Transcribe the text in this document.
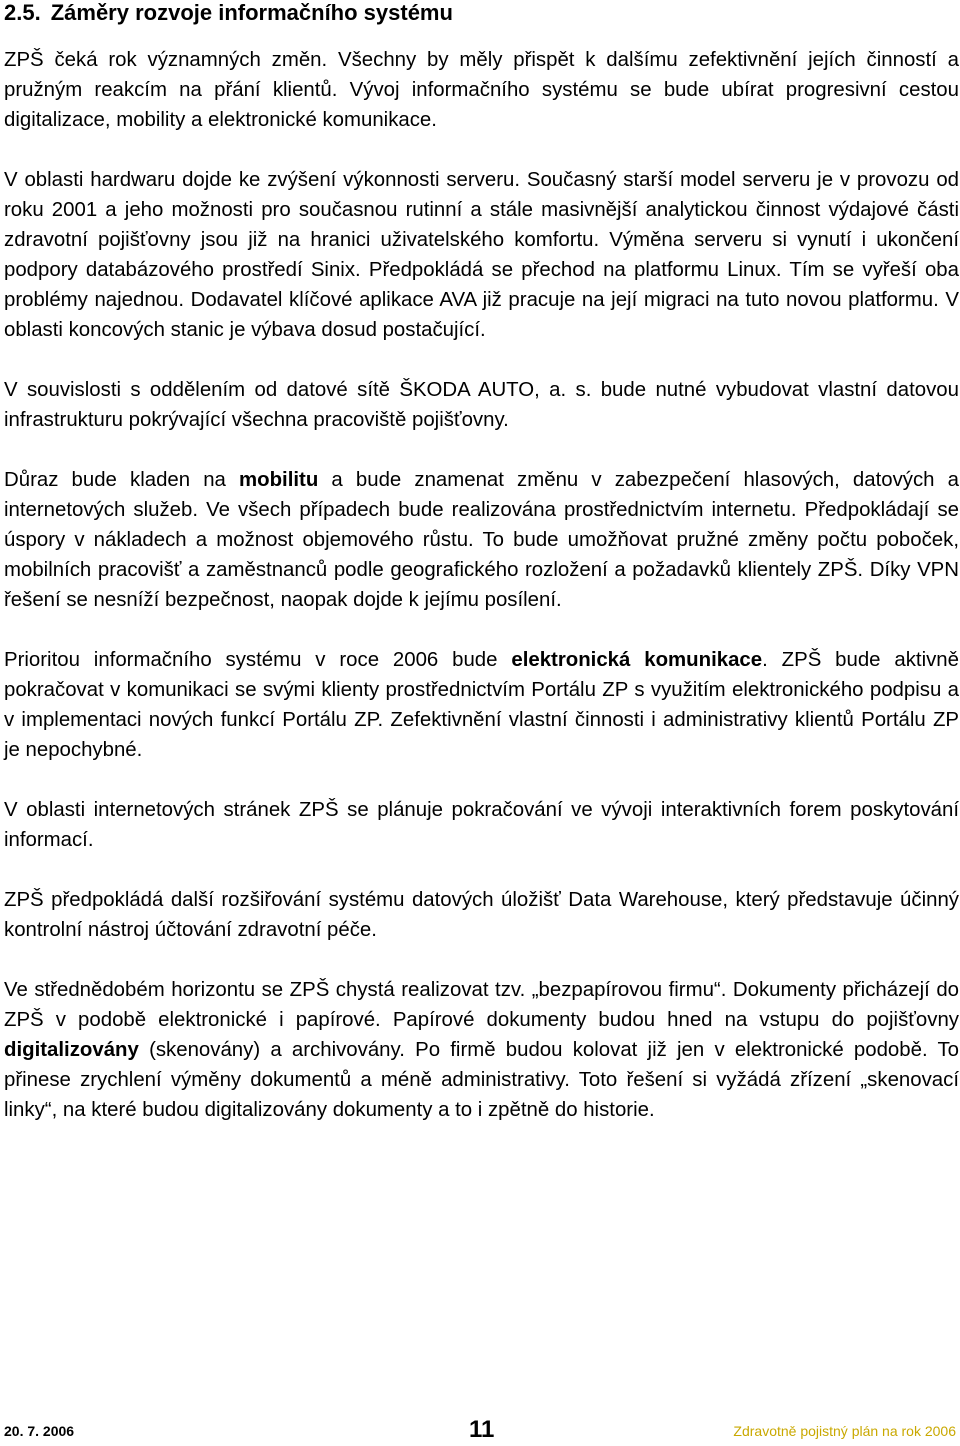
2.5. Záměry rozvoje informačního systému

ZPŠ čeká rok významných změn. Všechny by měly přispět k dalšímu zefektivnění jejích činností a pružným reakcím na přání klientů. Vývoj informačního systému se bude ubírat progresivní cestou digitalizace, mobility a elektronické komunikace.

V oblasti hardwaru dojde ke zvýšení výkonnosti serveru. Současný starší model serveru je v provozu od roku 2001 a jeho možnosti pro současnou rutinní a stále masivnější analytickou činnost výdajové části zdravotní pojišťovny jsou již na hranici uživatelského komfortu. Výměna serveru si vynutí i ukončení podpory databázového prostředí Sinix. Předpokládá se přechod na platformu Linux. Tím se vyřeší oba problémy najednou. Dodavatel klíčové aplikace AVA již pracuje na její migraci na tuto novou platformu. V oblasti koncových stanic je výbava dosud postačující.

V souvislosti s oddělením od datové sítě ŠKODA AUTO, a. s. bude nutné vybudovat vlastní datovou infrastrukturu pokrývající všechna pracoviště pojišťovny.

Důraz bude kladen na mobilitu a bude znamenat změnu v zabezpečení hlasových, datových a internetových služeb. Ve všech případech bude realizována prostřednictvím internetu. Předpokládají se úspory v nákladech a možnost objemového růstu. To bude umožňovat pružné změny počtu poboček, mobilních pracovišť a zaměstnanců podle geografického rozložení a požadavků klientely ZPŠ. Díky VPN řešení se nesníží bezpečnost, naopak dojde k jejímu posílení.

Prioritou informačního systému v roce 2006 bude elektronická komunikace. ZPŠ bude aktivně pokračovat v komunikaci se svými klienty prostřednictvím Portálu ZP s využitím elektronického podpisu a v implementaci nových funkcí Portálu ZP. Zefektivnění vlastní činnosti i administrativy klientů Portálu ZP je nepochybné.

V oblasti internetových stránek ZPŠ se plánuje pokračování ve vývoji interaktivních forem poskytování informací.

ZPŠ předpokládá další rozšiřování systému datových úložišť Data Warehouse, který představuje účinný kontrolní nástroj účtování zdravotní péče.

Ve střednědobém horizontu se ZPŠ chystá realizovat tzv. „bezpapírovou firmu“. Dokumenty přicházejí do ZPŠ v podobě elektronické i papírové. Papírové dokumenty budou hned na vstupu do pojišťovny digitalizovány (skenovány) a archivovány. Po firmě budou kolovat již jen v elektronické podobě. To přinese zrychlení výměny dokumentů a méně administrativy. Toto řešení si vyžádá zřízení „skenovací linky“, na které budou digitalizovány dokumenty a to i zpětně do historie.

20. 7. 2006	11	Zdravotně pojistný plán na rok 2006
